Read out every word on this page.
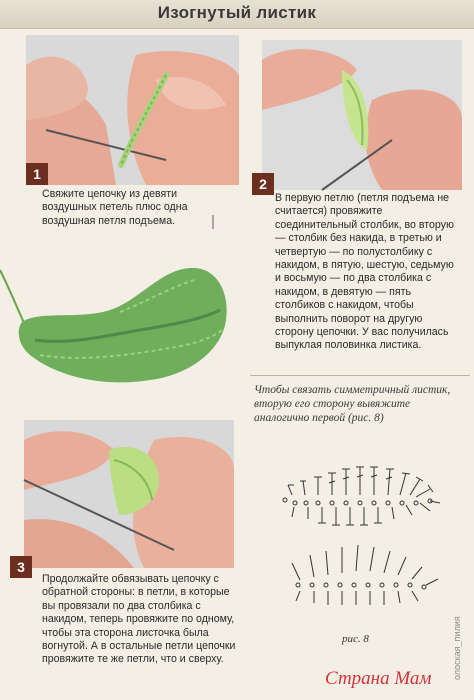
Изогнутый листик
1
Свяжите цепочку из девяти воздушных петель плюс одна воздушная петля подъема.
2
В первую петлю (петля подъема не считается) провяжите соединительный столбик, во вторую — столбик без накида, в третью и четвертую — по полустолбику с накидом, в пятую, шестую, седьмую и восьмую — по два столбика с накидом, в девятую — пять столбиков с накидом, чтобы выполнить поворот на другую сторону цепочки. У вас получилась выпуклая половинка листика.
Чтобы связать симметричный листик, вторую его сторону вывяжите аналогично первой (рис. 8)
3
Продолжайте обвязывать цепочку с обратной стороны: в петли, в которые вы провязали по два столбика с накидом, теперь провяжите по одному, чтобы эта сторона листочка была вогнутой. А в остальные петли цепочки провяжите те же петли, что и сверху.
рис. 8	олоская_пилия
Страна Мам
